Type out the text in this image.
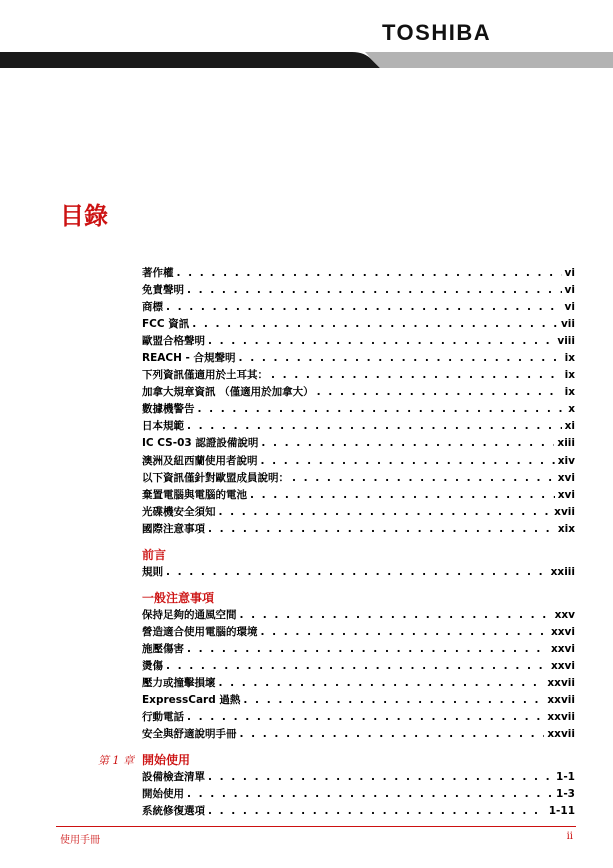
TOSHIBA
目錄
著作權 . . .	vi
免責聲明 . . .	vi
商標 . . .	vi
FCC 資訊 . . .	vii
歐盟合格聲明 . . .	viii
REACH - 合規聲明 . . .	ix
下列資訊僅適用於土耳其： . . .	ix
加拿大規章資訊 （僅適用於加拿大） . . .	ix
數據機警告 . . .	x
日本規範 . . .	xi
IC CS-03 認證設備說明 . . .	xiii
澳洲及紐西蘭使用者說明 . . .	xiv
以下資訊僅針對歐盟成員說明： . . .	xvi
棄置電腦與電腦的電池 . . .	xvi
光碟機安全須知 . . .	xvii
國際注意事項 . . .	xix
前言
規則 . . .	xxiii
一般注意事項
保持足夠的通風空間 . . .	xxv
營造適合使用電腦的環境 . . .	xxvi
施壓傷害 . . .	xxvi
燙傷 . . .	xxvi
壓力或撞擊損壞 . . .	xxvii
ExpressCard 過熱 . . .	xxvii
行動電話 . . .	xxvii
安全與舒適說明手冊 . . .	xxvii
第 1 章 開始使用
設備檢查清單 . . .	1-1
開始使用 . . .	1-3
系統修復選項 . . .	1-11
使用手冊	ii
